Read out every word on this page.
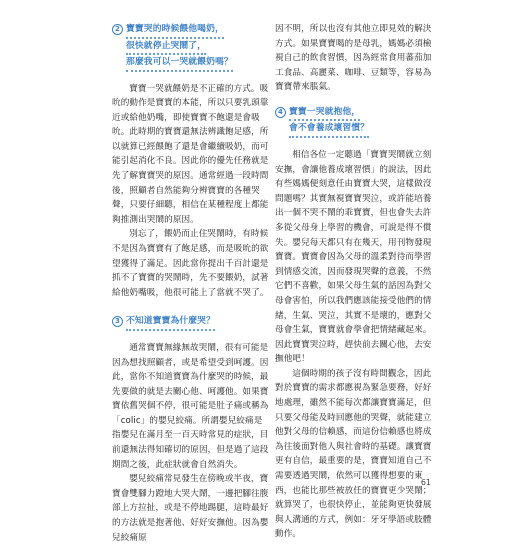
2 寶寶哭的時候餵他喝奶，
很快就停止哭鬧了，
那麼我可以一哭就餵奶嗎？

寶寶一哭就餵奶是不正確的方式。吸吮的動作是寶寶的本能，所以只要乳頭靠近或給他奶嘴，即使寶寶不飽還是會吸吮。此時期的寶寶還無法辨識飽足感，所以就算已經餵飽了還是會繼續吸奶，而可能引起消化不良。因此你的優先任務就是先了解寶寶哭的原因。通常經過一段時間後，照顧者自然能夠分辨寶寶的各種哭聲，只要仔細聽，相信在某種程度上都能夠推測出哭鬧的原因。

別忘了，餵奶而止住哭鬧時，有時候不是因為寶寶有了飽足感，而是吸吮的欲望獲得了滿足。因此當你提出千百計還是抓不了寶寶的哭鬧時，先不要餵奶，試著給他奶嘴吸，他很可能上了當就不哭了。

3 不知道寶寶為什麼哭？

通常寶寶無緣無故哭鬧，很有可能是因為想找照顧者，或是希望受到呵護。因此，當你不知道寶寶為什麼哭的時候，最先要做的就是去關心他、呵護他。如果寶寶依舊哭個不停，很可能是肚子痛或稱為「colic」的嬰兒絞痛。所謂嬰兒絞痛是指嬰兒在滿月至一百天時常見的症狀，目前還無法得知確切的原因，但是過了這段期間之後，此症狀就會自然消失。

嬰兒絞痛常見發生在傍晚或半夜，寶寶會雙腳力蹬地大哭大鬧，一邊把腳往腹部上方拉扯，或是不停地踢腿，這時最好的方法就是抱著他、好好安撫他。因為嬰兒絞痛原

因不明，所以也沒有其他立即見效的解決方式。如果寶寶喝的是母乳，媽媽必須檢視自己的飲食習慣，因為經常食用蕃茄加工食品、高麗菜、咖啡、豆類等，容易為寶寶帶來脹氣。

4 寶寶一哭就抱他，
會不會養成壞習慣？

相信各位一定聽過「寶寶哭鬧就立刻安撫，會讓他養成壞習慣」的說法，因此有些媽媽便刻意任由寶寶大哭，這樣做沒問題嗎？其實無視寶寶哭泣，或許能培養出一個不哭不鬧的乖寶寶，但也會失去許多從父母身上學習的機會，可說是得不償失。嬰兒每天都只有在幾天，用刊物發現寶寶。寶寶會因為父母的溫柔對待而學習到情感交流，因而發現哭聲的意義，不然它們不喜歡，如果父母生氣的話因為對父母會害怕，所以我們應該能接受他們的情緒，生氣、哭泣，其實不是壞的，應對父母會生氣，寶寶就會學會把情緒藏起來。因此寶寶哭泣時，趕快前去關心他，去安撫他吧！

這個時期的孩子沒有時間觀念，因此對於寶寶的需求都應視為緊急要務，好好地處理，雖然不能每次都讓寶寶滿足，但只要父母能及時回應他的哭聲，就能建立他對父母的信賴感，而這份信賴感也將成為往後面對他人與社會時的基礎。讓寶寶更有自信，最重要的是，寶寶知道自己不需要透過哭鬧，依然可以獲得想要的東西，也能比那些被放任的寶寶更少哭鬧；就算哭了，也很快停止，並能夠更快發展與人溝通的方式，例如：牙牙學語或肢體動作。

61
